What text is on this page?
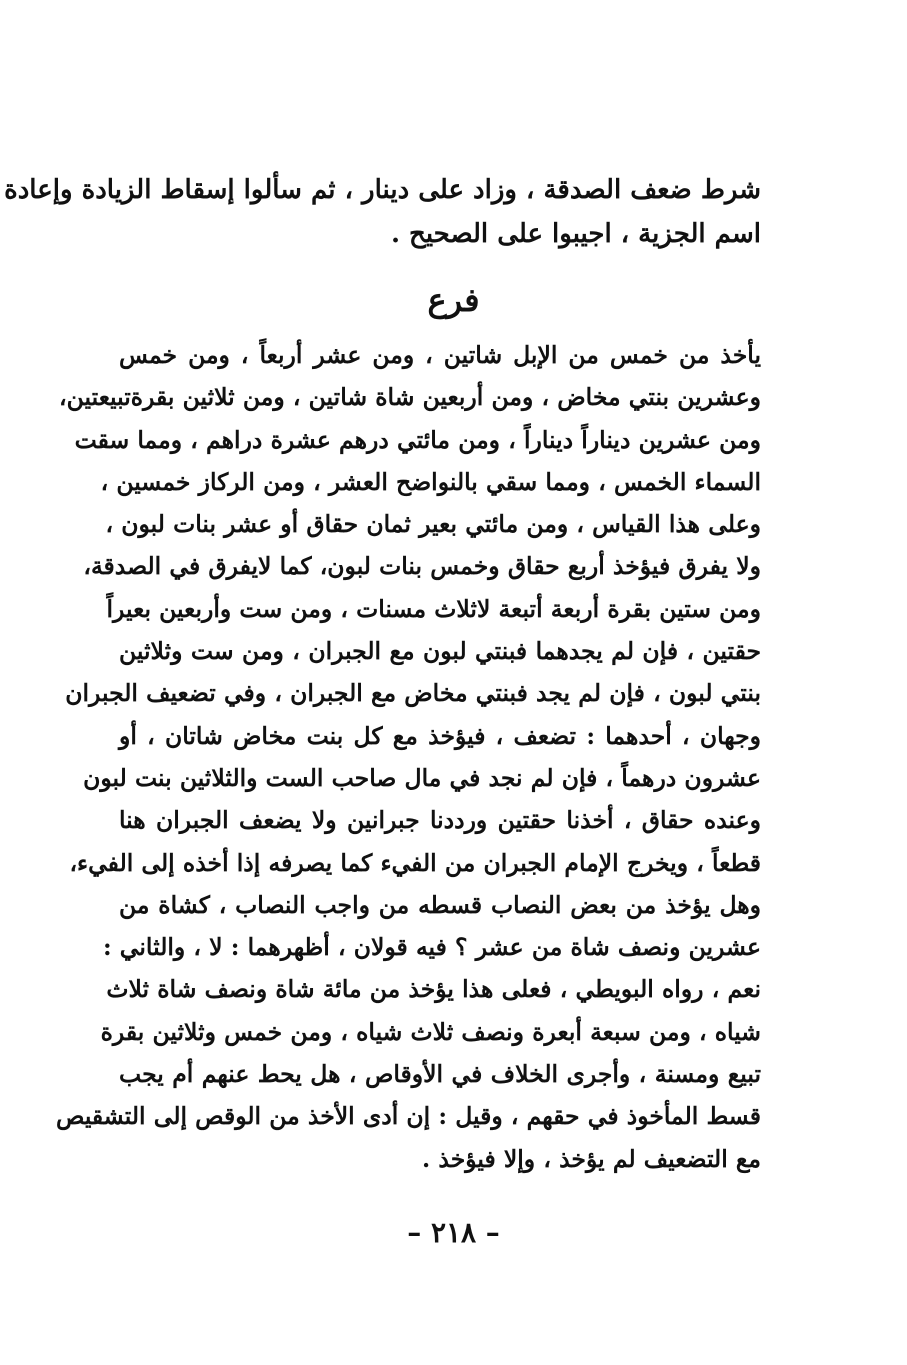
شرط ضعف الصدقة ، وزاد على دينار ، ثم سألوا إسقاط الزيادة وإعادة
اسم الجزية ، اجيبوا على الصحيح .
فرع
يأخذ من خمس من الإبل شاتين ، ومن عشر أربعاً ، ومن خمس
وعشرين بنتي مخاض ، ومن أربعين شاة شاتين ، ومن ثلاثين بقرةتبيعتين،
ومن عشرين ديناراً ديناراً ، ومن مائتي درهم عشرة دراهم ، ومما سقت
السماء الخمس ، ومما سقي بالنواضح العشر ، ومن الركاز خمسين ،
وعلى هذا القياس ، ومن مائتي بعير ثمان حقاق أو عشر بنات لبون ،
ولا يفرق فيؤخذ أربع حقاق وخمس بنات لبون، كما لايفرق في الصدقة،
ومن ستين بقرة أربعة أتبعة لاثلاث مسنات ، ومن ست وأربعين بعيراً
حقتين ، فإن لم يجدهما فبنتي لبون مع الجبران ، ومن ست وثلاثين
بنتي لبون ، فإن لم يجد فبنتي مخاض مع الجبران ، وفي تضعيف الجبران
وجهان ، أحدهما : تضعف ، فيؤخذ مع كل بنت مخاض شاتان ، أو
عشرون درهماً ، فإن لم نجد في مال صاحب الست والثلاثين بنت لبون
وعنده حقاق ، أخذنا حقتين ورددنا جبرانين ولا يضعف الجبران هنا
قطعاً ، ويخرج الإمام الجبران من الفيء كما يصرفه إذا أخذه إلى الفيء،
وهل يؤخذ من بعض النصاب قسطه من واجب النصاب ، كشاة من
عشرين ونصف شاة من عشر ؟ فيه قولان ، أظهرهما : لا ، والثاني :
نعم ، رواه البويطي ، فعلى هذا يؤخذ من مائة شاة ونصف شاة ثلاث
شياه ، ومن سبعة أبعرة ونصف ثلاث شياه ، ومن خمس وثلاثين بقرة
تبيع ومسنة ، وأجرى الخلاف في الأوقاص ، هل يحط عنهم أم يجب
قسط المأخوذ في حقهم ، وقيل : إن أدى الأخذ من الوقص إلى التشقيص
مع التضعيف لم يؤخذ ، وإلا فيؤخذ .
– ٢١٨ –
